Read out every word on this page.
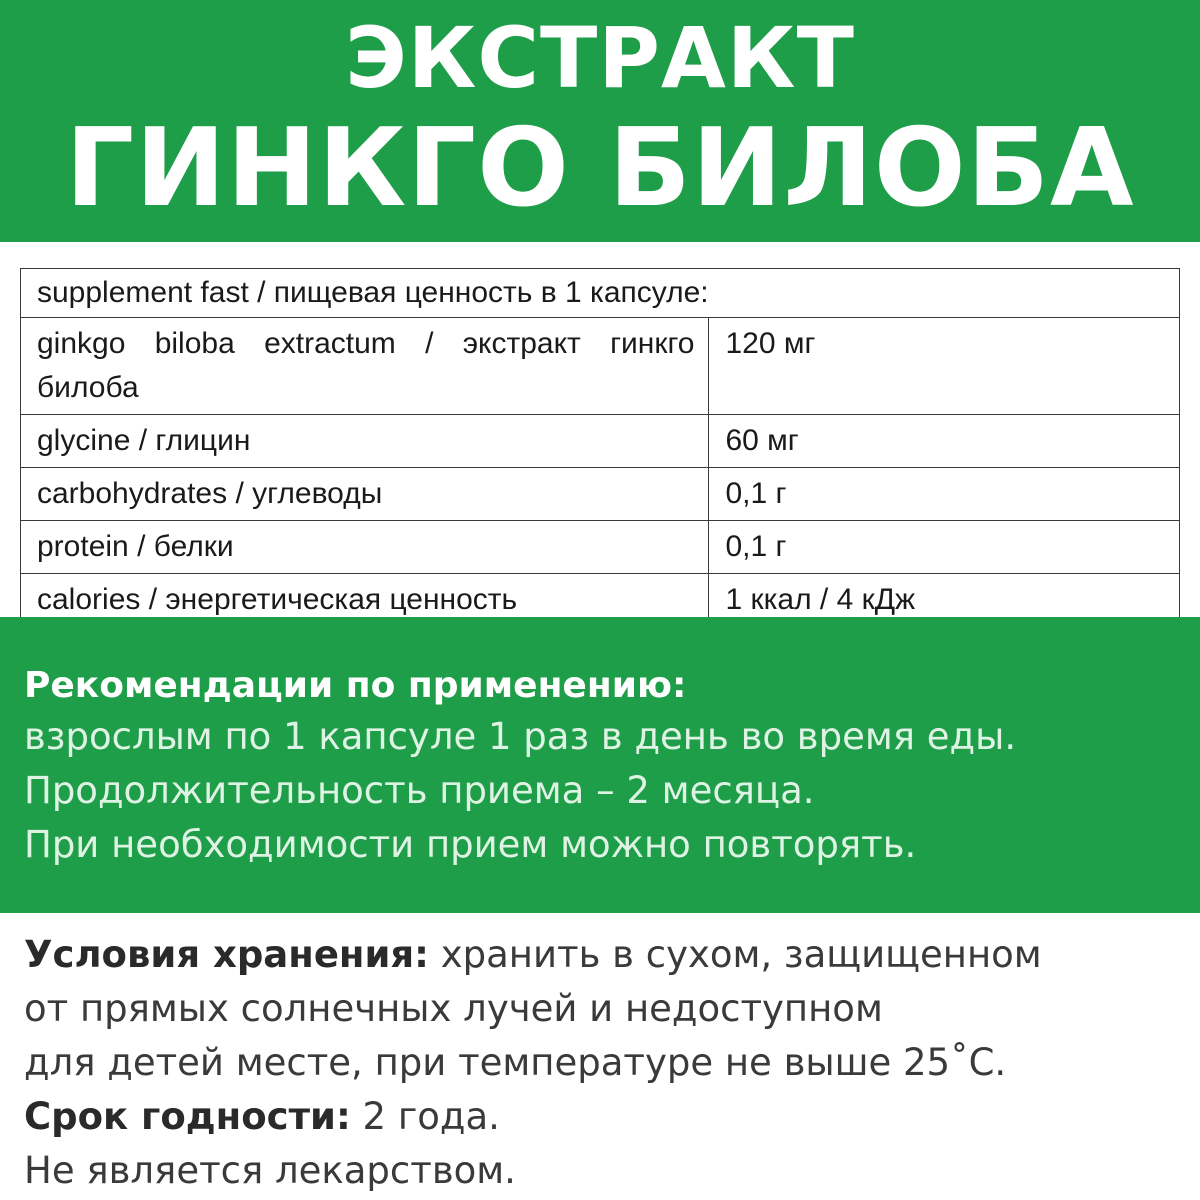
ЭКСТРАКТ
ГИНКГО БИЛОБА
supplement fast / пищевая ценность в 1 капсуле:	
ginkgo biloba extractum / экстракт гинкго билоба	120 мг
glycine / глицин	60 мг
carbohydrates / углеводы	0,1 г
protein / белки	0,1 г
calories / энергетическая ценность	1 ккал / 4 кДж
Рекомендации по применению:
взрослым по 1 капсуле 1 раз в день во время еды.
Продолжительность приема – 2 месяца.
При необходимости прием можно повторять.
Условия хранения: хранить в сухом, защищенном
от прямых солнечных лучей и недоступном
для детей месте, при температуре не выше 25˚С.
Срок годности: 2 года.
Не является лекарством.
